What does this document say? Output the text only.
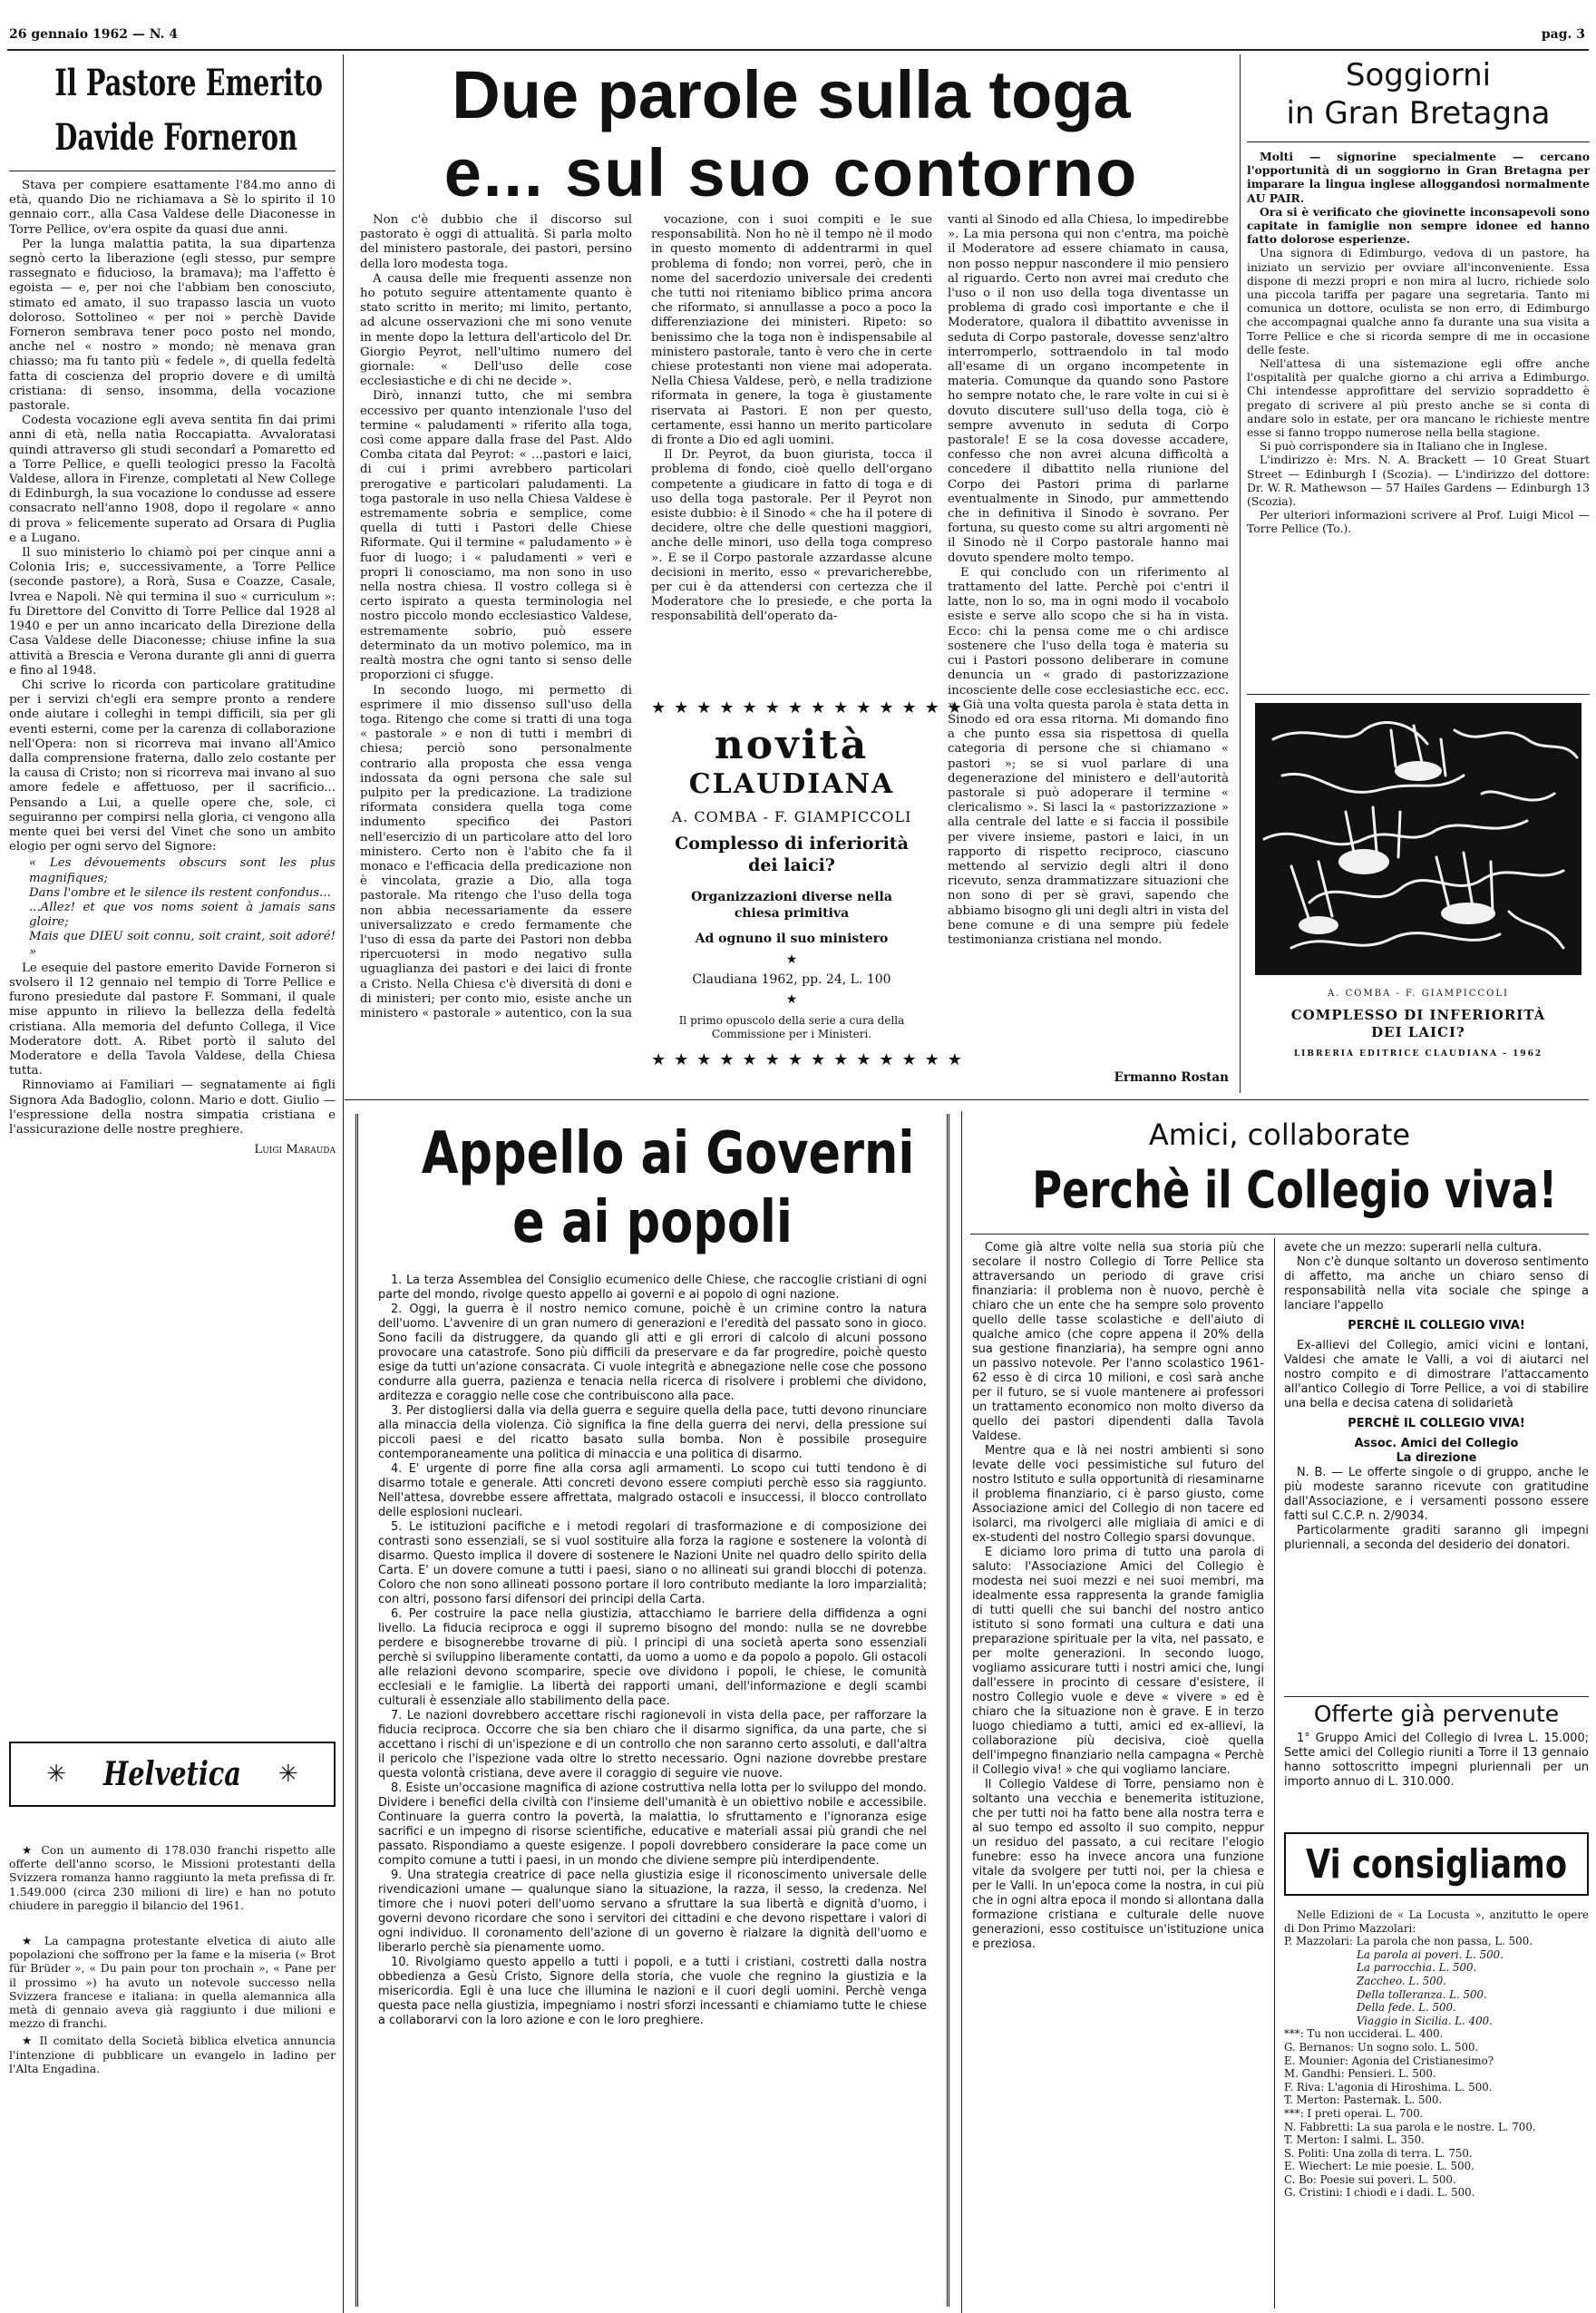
26 gennaio 1962 — N. 4	pag. 3
Il Pastore Emerito
Davide Forneron

Stava per compiere esattamente l'84.mo anno di età, quando Dio ne richiamava a Sè lo spirito il 10 gennaio corr., alla Casa Valdese delle Diaconesse in Torre Pellice, ov'era ospite da quasi due anni.

Per la lunga malattia patita, la sua dipartenza segnò certo la liberazione (egli stesso, pur sempre rassegnato e fiducioso, la bramava); ma l'affetto è egoista — e, per noi che l'abbiam ben conosciuto, stimato ed amato, il suo trapasso lascia un vuoto doloroso. Sottolineo « per noi » perchè Davide Forneron sembrava tener poco posto nel mondo, anche nel « nostro » mondo; nè menava gran chiasso; ma fu tanto più « fedele », di quella fedeltà fatta di coscienza del proprio dovere e di umiltà cristiana: di senso, insomma, della vocazione pastorale.

Codesta vocazione egli aveva sentita fin dai primi anni di età, nella natìa Roccapiatta. Avvaloratasi quindi attraverso gli studi secondarî a Pomaretto ed a Torre Pellice, e quelli teologici presso la Facoltà Valdese, allora in Firenze, completati al New College di Edinburgh, la sua vocazione lo condusse ad essere consacrato nell'anno 1908, dopo il regolare « anno di prova » felicemente superato ad Orsara di Puglia e a Lugano.

Il suo ministerio lo chiamò poi per cinque anni a Colonia Iris; e, successivamente, a Torre Pellice (seconde pastore), a Rorà, Susa e Coazze, Casale, Ivrea e Napoli. Nè qui termina il suo « curriculum »: fu Direttore del Convitto di Torre Pellice dal 1928 al 1940 e per un anno incaricato della Direzione della Casa Valdese delle Diaconesse; chiuse infine la sua attività a Brescia e Verona durante gli anni di guerra e fino al 1948.

Chi scrive lo ricorda con particolare gratitudine per i servizi ch'egli era sempre pronto a rendere onde aiutare i colleghi in tempi difficili, sia per gli eventi esterni, come per la carenza di collaborazione nell'Opera: non si ricorreva mai invano all'Amico dalla comprensione fraterna, dallo zelo costante per la causa di Cristo; non si ricorreva mai invano al suo amore fedele e affettuoso, per il sacrificio... Pensando a Lui, a quelle opere che, sole, ci seguiranno per compirsi nella gloria, ci vengono alla mente quei bei versi del Vinet che sono un ambito elogio per ogni servo del Signore:

« Les dévouements obscurs sont les plus magnifiques;
Dans l'ombre et le silence ils restent confondus...
...Allez! et que vos noms soient à jamais sans gloire;
Mais que DIEU soit connu, soit craint, soit adoré! »

Le esequie del pastore emerito Davide Forneron si svolsero il 12 gennaio nel tempio di Torre Pellice e furono presiedute dal pastore F. Sommani, il quale mise appunto in rilievo la bellezza della fedeltà cristiana. Alla memoria del defunto Collega, il Vice Moderatore dott. A. Ribet portò il saluto del Moderatore e della Tavola Valdese, della Chiesa tutta.

Rinnoviamo ai Familiari — segnatamente ai figli Signora Ada Badoglio, colonn. Mario e dott. Giulio — l'espressione della nostra simpatia cristiana e l'assicurazione delle nostre preghiere.

Luigi Marauda
✳ Helvetica ✳

★ Con un aumento di 178.030 franchi rispetto alle offerte dell'anno scorso, le Missioni protestanti della Svizzera romanza hanno raggiunto la meta prefissa di fr. 1.549.000 (circa 230 milioni di lire) e han no potuto chiudere in pareggio il bilancio del 1961.

★ La campagna protestante elvetica di aiuto alle popolazioni che soffrono per la fame e la miseria (« Brot für Brüder », « Du pain pour ton prochain », « Pane per il prossimo ») ha avuto un notevole successo nella Svizzera francese e italiana: in quella alemannica alla metà di gennaio aveva già raggiunto i due milioni e mezzo di franchi.

★ Il comitato della Società biblica elvetica annuncia l'intenzione di pubblicare un evangelo in ladino per l'Alta Engadina.

Due parole sulla toga
e... sul suo contorno

Non c'è dubbio che il discorso sul pastorato è oggi di attualità. Si parla molto del ministero pastorale, dei pastori, persino della loro modesta toga.

A causa delle mie frequenti assenze non ho potuto seguire attentamente quanto è stato scritto in merito; mi limito, pertanto, ad alcune osservazioni che mi sono venute in mente dopo la lettura dell'articolo del Dr. Giorgio Peyrot, nell'ultimo numero del giornale: « Dell'uso delle cose ecclesiastiche e di chi ne decide ».

Dirò, innanzi tutto, che mi sembra eccessivo per quanto intenzionale l'uso del termine « paludamenti » riferito alla toga, così come appare dalla frase del Past. Aldo Comba citata dal Peyrot: « ...pastori e laici, di cui i primi avrebbero particolari prerogative e particolari paludamenti. La toga pastorale in uso nella Chiesa Valdese è estremamente sobria e semplice, come quella di tutti i Pastori delle Chiese Riformate. Qui il termine « paludamento » è fuor di luogo; i « paludamenti » veri e propri li conosciamo, ma non sono in uso nella nostra chiesa. Il vostro collega si è certo ispirato a questa terminologia nel nostro piccolo mondo ecclesiastico Valdese, estremamente sobrio, può essere determinato da un motivo polemico, ma in realtà mostra che ogni tanto si senso delle proporzioni ci sfugge.

In secondo luogo, mi permetto di esprimere il mio dissenso sull'uso della toga. Ritengo che come si tratti di una toga « pastorale » e non di tutti i membri di chiesa; perciò sono personalmente contrario alla proposta che essa venga indossata da ogni persona che sale sul pulpito per la predicazione. La tradizione riformata considera quella toga come indumento specifico dei Pastori nell'esercizio di un particolare atto del loro ministero. Certo non è l'abito che fa il monaco e l'efficacia della predicazione non è vincolata, grazie a Dio, alla toga pastorale. Ma ritengo che l'uso della toga non abbia necessariamente da essere universalizzato e credo fermamente che l'uso di essa da parte dei Pastori non debba ripercuotersi in modo negativo sulla uguaglianza dei pastori e dei laici di fronte a Cristo. Nella Chiesa c'è diversità di doni e di ministeri; per conto mio, esiste anche un ministero « pastorale » autentico, con la sua

vocazione, con i suoi compiti e le sue responsabilità. Non ho nè il tempo nè il modo in questo momento di addentrarmi in quel problema di fondo; non vorrei, però, che in nome del sacerdozio universale dei credenti che tutti noi riteniamo biblico prima ancora che riformato, si annullasse a poco a poco la differenziazione dei ministeri. Ripeto: so benissimo che la toga non è indispensabile al ministero pastorale, tanto è vero che in certe chiese protestanti non viene mai adoperata. Nella Chiesa Valdese, però, e nella tradizione riformata in genere, la toga è giustamente riservata ai Pastori. E non per questo, certamente, essi hanno un merito particolare di fronte a Dio ed agli uomini.

Il Dr. Peyrot, da buon giurista, tocca il problema di fondo, cioè quello dell'organo competente a giudicare in fatto di toga e di uso della toga pastorale. Per il Peyrot non esiste dubbio: è il Sinodo « che ha il potere di decidere, oltre che delle questioni maggiori, anche delle minori, uso della toga compreso ». E se il Corpo pastorale azzardasse alcune decisioni in merito, esso « prevaricherebbe, per cui è da attendersi con certezza che il Moderatore che lo presiede, e che porta la responsabilità dell'operato da-

vanti al Sinodo ed alla Chiesa, lo impedirebbe ». La mia persona qui non c'entra, ma poichè il Moderatore ad essere chiamato in causa, non posso neppur nascondere il mio pensiero al riguardo. Certo non avrei mai creduto che l'uso o il non uso della toga diventasse un problema di grado così importante e che il Moderatore, qualora il dibattito avvenisse in seduta di Corpo pastorale, dovesse senz'altro interromperlo, sottraendolo in tal modo all'esame di un organo incompetente in materia. Comunque da quando sono Pastore ho sempre notato che, le rare volte in cui si è dovuto discutere sull'uso della toga, ciò è sempre avvenuto in seduta di Corpo pastorale! E se la cosa dovesse accadere, confesso che non avrei alcuna difficoltà a concedere il dibattito nella riunione del Corpo dei Pastori prima di parlarne eventualmente in Sinodo, pur ammettendo che in definitiva il Sinodo è sovrano. Per fortuna, su questo come su altri argomenti nè il Sinodo nè il Corpo pastorale hanno mai dovuto spendere molto tempo.

E qui concludo con un riferimento al trattamento del latte. Perchè poi c'entri il latte, non lo so, ma in ogni modo il vocabolo esiste e serve allo scopo che si ha in vista. Ecco: chi la pensa come me o chi ardisce sostenere che l'uso della toga è materia su cui i Pastori possono deliberare in comune denuncia un « grado di pastorizzazione incosciente delle cose ecclesiastiche ecc. ecc. ». Già una volta questa parola è stata detta in Sinodo ed ora essa ritorna. Mi domando fino a che punto essa sia rispettosa di quella categoria di persone che si chiamano « pastori »; se si vuol parlare di una degenerazione del ministero e dell'autorità pastorale si può adoperare il termine « clericalismo ». Si lasci la « pastorizzazione » alla centrale del latte e si faccia il possibile per vivere insieme, pastori e laici, in un rapporto di rispetto reciproco, ciascuno mettendo al servizio degli altri il dono ricevuto, senza drammatizzare situazioni che non sono di per sè gravi, sapendo che abbiamo bisogno gli uni degli altri in vista del bene comune e di una sempre più fedele testimonianza cristiana nel mondo.

Ermanno Rostan
★★★★★★★★★★★★★★
novità
CLAUDIANA
A. COMBA - F. GIAMPICCOLI
Complesso di inferiorità dei laici?
Organizzazioni diverse nella chiesa primitiva
Ad ognuno il suo ministero
★
Claudiana 1962, pp. 24, L. 100
★
Il primo opuscolo della serie a cura della Commissione per i Ministeri.
★★★★★★★★★★★★★★
Soggiorni
in Gran Bretagna

Molti — signorine specialmente — cercano l'opportunità di un soggiorno in Gran Bretagna per imparare la lingua inglese alloggandosi normalmente AU PAIR.

Ora si è verificato che giovinette inconsapevoli sono capitate in famiglie non sempre idonee ed hanno fatto dolorose esperienze.

Una signora di Edimburgo, vedova di un pastore, ha iniziato un servizio per ovviare all'inconveniente. Essa dispone di mezzi propri e non mira al lucro, richiede solo una piccola tariffa per pagare una segretaria. Tanto mi comunica un dottore, oculista se non erro, di Edimburgo che accompagnai qualche anno fa durante una sua visita a Torre Pellice e che si ricorda sempre di me in occasione delle feste.

Nell'attesa di una sistemazione egli offre anche l'ospitalità per qualche giorno a chi arriva a Edimburgo. Chi intendesse approfittare del servizio sopraddetto è pregato di scrivere al più presto anche se si conta di andare solo in estate, per ora mancano le richieste mentre esse si fanno troppo numerose nella bella stagione.

Si può corrispondere sia in Italiano che in Inglese.

L'indirizzo è: Mrs. N. A. Brackett — 10 Great Stuart Street — Edinburgh I (Scozia). — L'indirizzo del dottore: Dr. W. R. Mathewson — 57 Hailes Gardens — Edinburgh 13 (Scozia).

Per ulteriori informazioni scrivere al Prof. Luigi Micol — Torre Pellice (To.).

A. COMBA - F. GIAMPICCOLI
COMPLESSO DI INFERIORITÀ
DEI LAICI?
LIBRERIA EDITRICE CLAUDIANA - 1962
Appello ai Governi
e ai popoli

1. La terza Assemblea del Consiglio ecumenico delle Chiese, che raccoglie cristiani di ogni parte del mondo, rivolge questo appello ai governi e ai popolo di ogni nazione.

2. Oggi, la guerra è il nostro nemico comune, poichè è un crimine contro la natura dell'uomo. L'avvenire di un gran numero di generazioni e l'eredità del passato sono in gioco. Sono facili da distruggere, da quando gli atti e gli errori di calcolo di alcuni possono provocare una catastrofe. Sono più difficili da preservare e da far progredire, poichè questo esige da tutti un'azione consacrata. Ci vuole integrità e abnegazione nelle cose che possono condurre alla guerra, pazienza e tenacia nella ricerca di risolvere i problemi che dividono, arditezza e coraggio nelle cose che contribuiscono alla pace.

3. Per distogliersi dalla via della guerra e seguire quella della pace, tutti devono rinunciare alla minaccia della violenza. Ciò significa la fine della guerra dei nervi, della pressione sui piccoli paesi e del ricatto basato sulla bomba. Non è possibile proseguire contemporaneamente una politica di minaccia e una politica di disarmo.

4. E' urgente di porre fine alla corsa agli armamenti. Lo scopo cui tutti tendono è di disarmo totale e generale. Atti concreti devono essere compiuti perchè esso sia raggiunto. Nell'attesa, dovrebbe essere affrettata, malgrado ostacoli e insuccessi, il blocco controllato delle esplosioni nucleari.

5. Le istituzioni pacifiche e i metodi regolari di trasformazione e di composizione dei contrasti sono essenziali, se si vuol sostituire alla forza la ragione e sostenere la volontà di disarmo. Questo implica il dovere di sostenere le Nazioni Unite nel quadro dello spirito della Carta. E' un dovere comune a tutti i paesi, siano o no allineati sui grandi blocchi di potenza. Coloro che non sono allineati possono portare il loro contributo mediante la loro imparzialità; con altri, possono farsi difensori dei principi della Carta.

6. Per costruire la pace nella giustizia, attacchiamo le barriere della diffidenza a ogni livello. La fiducia reciproca e oggi il supremo bisogno del mondo: nulla se ne dovrebbe perdere e bisognerebbe trovarne di più. I principi di una società aperta sono essenziali perchè si sviluppino liberamente contatti, da uomo a uomo e da popolo a popolo. Gli ostacoli alle relazioni devono scomparire, specie ove dividono i popoli, le chiese, le comunità ecclesiali e le famiglie. La libertà dei rapporti umani, dell'informazione e degli scambi culturali è essenziale allo stabilimento della pace.

7. Le nazioni dovrebbero accettare rischi ragionevoli in vista della pace, per rafforzare la fiducia reciproca. Occorre che sia ben chiaro che il disarmo significa, da una parte, che si accettano i rischi di un'ispezione e di un controllo che non saranno certo assoluti, e dall'altra il pericolo che l'ispezione vada oltre lo stretto necessario. Ogni nazione dovrebbe prestare questa volontà cristiana, deve avere il coraggio di seguire vie nuove.

8. Esiste un'occasione magnifica di azione costruttiva nella lotta per lo sviluppo del mondo. Dividere i benefici della civiltà con l'insieme dell'umanità è un obiettivo nobile e accessibile. Continuare la guerra contro la povertà, la malattia, lo sfruttamento e l'ignoranza esige sacrifici e un impegno di risorse scientifiche, educative e materiali assai più grandi che nel passato. Rispondiamo a queste esigenze. I popoli dovrebbero considerare la pace come un compito comune a tutti i paesi, in un mondo che diviene sempre più interdipendente.

9. Una strategia creatrice di pace nella giustizia esige il riconoscimento universale delle rivendicazioni umane — qualunque siano la situazione, la razza, il sesso, la credenza. Nel timore che i nuovi poteri dell'uomo servano a sfruttare la sua libertà e dignità d'uomo, i governi devono ricordare che sono i servitori dei cittadini e che devono rispettare i valori di ogni individuo. Il coronamento dell'azione di un governo è rialzare la dignità dell'uomo e liberarlo perchè sia pienamente uomo.

10. Rivolgiamo questo appello a tutti i popoli, e a tutti i cristiani, costretti dalla nostra obbedienza a Gesù Cristo, Signore della storia, che vuole che regnino la giustizia e la misericordia. Egli è una luce che illumina le nazioni e il cuori degli uomini. Perchè venga questa pace nella giustizia, impegniamo i nostri sforzi incessanti e chiamiamo tutte le chiese a collaborarvi con la loro azione e con le loro preghiere.

Amici, collaborate
Perchè il Collegio viva!

Come già altre volte nella sua storia più che secolare il nostro Collegio di Torre Pellice sta attraversando un periodo di grave crisi finanziaria: il problema non è nuovo, perchè è chiaro che un ente che ha sempre solo provento quello delle tasse scolastiche e dell'aiuto di qualche amico (che copre appena il 20% della sua gestione finanziaria), ha sempre ogni anno un passivo notevole. Per l'anno scolastico 1961-62 esso è di circa 10 milioni, e così sarà anche per il futuro, se si vuole mantenere ai professori un trattamento economico non molto diverso da quello dei pastori dipendenti dalla Tavola Valdese.

Mentre qua e là nei nostri ambienti si sono levate delle voci pessimistiche sul futuro del nostro Istituto e sulla opportunità di riesaminarne il problema finanziario, ci è parso giusto, come Associazione amici del Collegio di non tacere ed isolarci, ma rivolgerci alle migliaia di amici e di ex-studenti del nostro Collegio sparsi dovunque.

E diciamo loro prima di tutto una parola di saluto: l'Associazione Amici del Collegio è modesta nei suoi mezzi e nei suoi membri, ma idealmente essa rappresenta la grande famiglia di tutti quelli che sui banchi del nostro antico istituto si sono formati una cultura e dati una preparazione spirituale per la vita, nel passato, e per molte generazioni. In secondo luogo, vogliamo assicurare tutti i nostri amici che, lungi dall'essere in procinto di cessare d'esistere, il nostro Collegio vuole e deve « vivere » ed è chiaro che la situazione non è grave. E in terzo luogo chiediamo a tutti, amici ed ex-allievi, la collaborazione più decisiva, cioè quella dell'impegno finanziario nella campagna « Perchè il Collegio viva! » che qui vogliamo lanciare.

Il Collegio Valdese di Torre, pensiamo non è soltanto una vecchia e benemerita istituzione, che per tutti noi ha fatto bene alla nostra terra e al suo tempo ed assolto il suo compito, neppur un residuo del passato, a cui recitare l'elogio funebre: esso ha invece ancora una funzione vitale da svolgere per tutti noi, per la chiesa e per le Valli. In un'epoca come la nostra, in cui più che in ogni altra epoca il mondo si allontana dalla formazione cristiana e culturale delle nuove generazioni, esso costituisce un'istituzione unica e preziosa.

avete che un mezzo: superarli nella cultura.

Non c'è dunque soltanto un doveroso sentimento di affetto, ma anche un chiaro senso di responsabilità nella vita sociale che spinge a lanciare l'appello

PERCHÈ IL COLLEGIO VIVA!

Ex-allievi del Collegio, amici vicini e lontani, Valdesi che amate le Valli, a voi di aiutarci nel nostro compito e di dimostrare l'attaccamento all'antico Collegio di Torre Pellice, a voi di stabilire una bella e decisa catena di solidarietà

PERCHÈ IL COLLEGIO VIVA!

Assoc. Amici del Collegio

La direzione

N. B. — Le offerte singole o di gruppo, anche le più modeste saranno ricevute con gratitudine dall'Associazione, e i versamenti possono essere fatti sul C.C.P. n. 2/9034.

Particolarmente graditi saranno gli impegni pluriennali, a seconda del desiderio dei donatori.

Offerte già pervenute

1° Gruppo Amici del Collegio di Ivrea L. 15.000; Sette amici del Collegio riuniti a Torre il 13 gennaio hanno sottoscritto impegni pluriennali per un importo annuo di L. 310.000.

Vi consigliamo

Nelle Edizioni de « La Locusta », anzitutto le opere di Don Primo Mazzolari:

P. Mazzolari: La parola che non passa, L. 500.
La parola ai poveri. L. 500.
La parrocchia. L. 500.
Zaccheo. L. 500.
Della tolleranza. L. 500.
Della fede. L. 500.
Viaggio in Sicilia. L. 400.
***: Tu non ucciderai. L. 400.
G. Bernanos: Un sogno solo. L. 500.
E. Mounier: Agonia del Cristianesimo?
M. Gandhi: Pensieri. L. 500.
F. Riva: L'agonia di Hiroshima. L. 500.
T. Merton: Pasternak. L. 500.
***: I preti operai. L. 700.
N. Fabbretti: La sua parola e le nostre. L. 700.
T. Merton: I salmi. L. 350.
S. Politi: Una zolla di terra. L. 750.
E. Wiechert: Le mie poesie. L. 500.
C. Bo: Poesie sui poveri. L. 500.
G. Cristini: I chiodi e i dadi. L. 500.
